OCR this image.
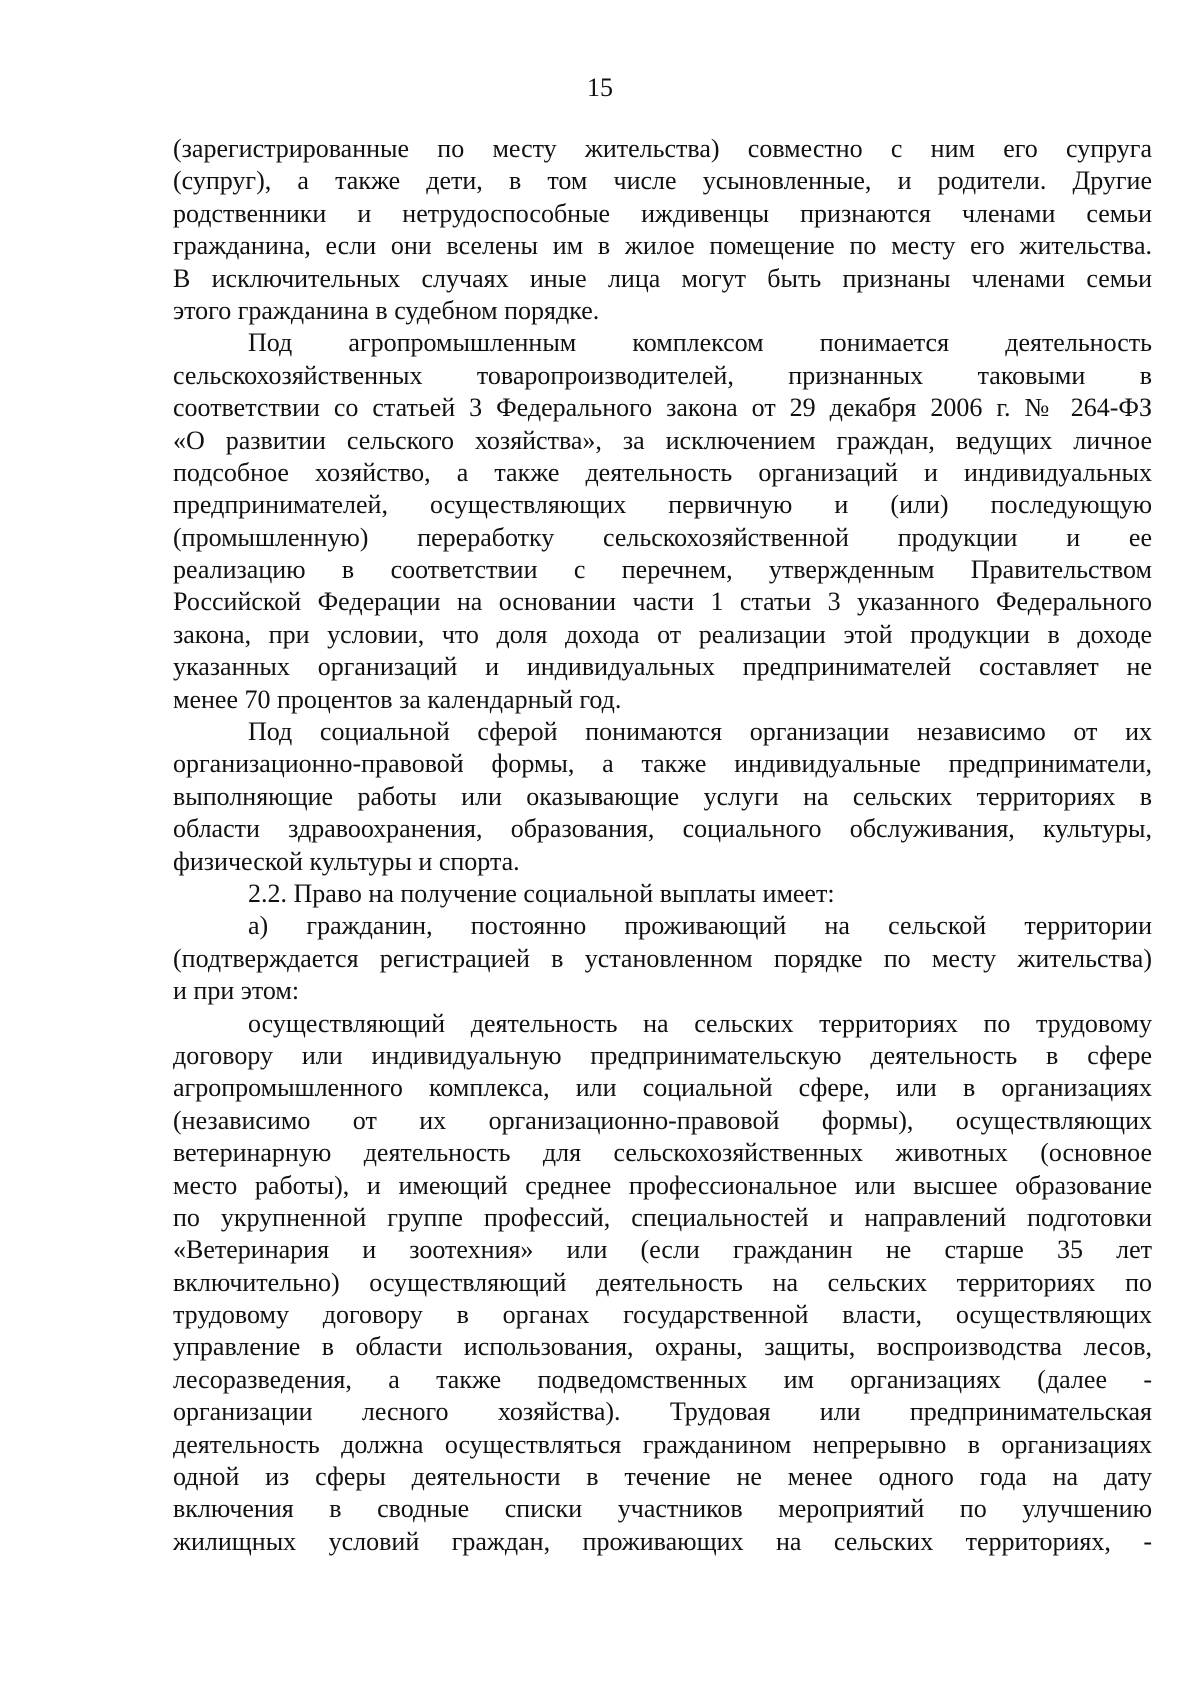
15
(зарегистрированные по месту жительства) совместно с ним его супруга
(супруг), а также дети, в том числе усыновленные, и родители. Другие
родственники и нетрудоспособные иждивенцы признаются членами семьи
гражданина, если они вселены им в жилое помещение по месту его жительства.
В исключительных случаях иные лица могут быть признаны членами семьи
этого гражданина в судебном порядке.
Под агропромышленным комплексом понимается деятельность
сельскохозяйственных товаропроизводителей, признанных таковыми в
соответствии со статьей 3 Федерального закона от 29 декабря 2006 г. № 264-ФЗ
«О развитии сельского хозяйства», за исключением граждан, ведущих личное
подсобное хозяйство, а также деятельность организаций и индивидуальных
предпринимателей, осуществляющих первичную и (или) последующую
(промышленную) переработку сельскохозяйственной продукции и ее
реализацию в соответствии с перечнем, утвержденным Правительством
Российской Федерации на основании части 1 статьи 3 указанного Федерального
закона, при условии, что доля дохода от реализации этой продукции в доходе
указанных организаций и индивидуальных предпринимателей составляет не
менее 70 процентов за календарный год.
Под социальной сферой понимаются организации независимо от их
организационно-правовой формы, а также индивидуальные предприниматели,
выполняющие работы или оказывающие услуги на сельских территориях в
области здравоохранения, образования, социального обслуживания, культуры,
физической культуры и спорта.
2.2. Право на получение социальной выплаты имеет:
а) гражданин, постоянно проживающий на сельской территории
(подтверждается регистрацией в установленном порядке по месту жительства)
и при этом:
осуществляющий деятельность на сельских территориях по трудовому
договору или индивидуальную предпринимательскую деятельность в сфере
агропромышленного комплекса, или социальной сфере, или в организациях
(независимо от их организационно-правовой формы), осуществляющих
ветеринарную деятельность для сельскохозяйственных животных (основное
место работы), и имеющий среднее профессиональное или высшее образование
по укрупненной группе профессий, специальностей и направлений подготовки
«Ветеринария и зоотехния» или (если гражданин не старше 35 лет
включительно) осуществляющий деятельность на сельских территориях по
трудовому договору в органах государственной власти, осуществляющих
управление в области использования, охраны, защиты, воспроизводства лесов,
лесоразведения, а также подведомственных им организациях (далее -
организации лесного хозяйства). Трудовая или предпринимательская
деятельность должна осуществляться гражданином непрерывно в организациях
одной из сферы деятельности в течение не менее одного года на дату
включения в сводные списки участников мероприятий по улучшению
жилищных условий граждан, проживающих на сельских территориях, -
